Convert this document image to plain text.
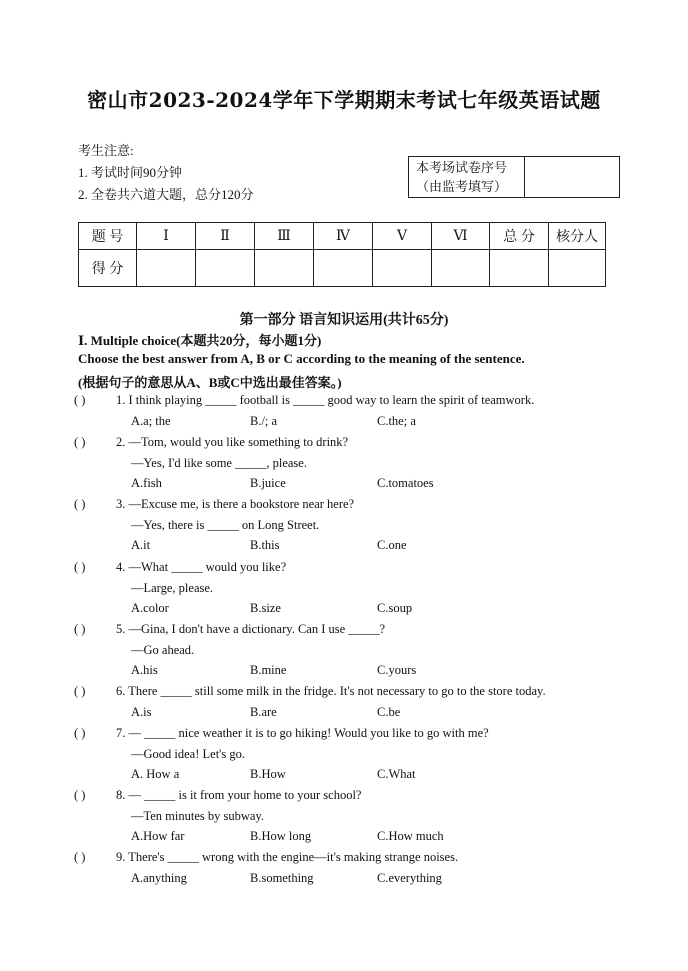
密山市2023-2024学年下学期期末考试七年级英语试题
考生注意:
1. 考试时间90分钟
2. 全卷共六道大题，总分120分
本考场试卷序号
（由监考填写）

题 号	Ⅰ	Ⅱ	Ⅲ	Ⅳ	Ⅴ	Ⅵ	总 分	核分人
得 分								
第一部分 语言知识运用(共计65分)
Ⅰ. Multiple choice(本题共20分，每小题1分)
Choose the best answer from A, B or C according to the meaning of the sentence.
(根据句子的意思从A、B或C中选出最佳答案。)
( ) 1. I think playing _____ football is _____ good way to learn the spirit of teamwork.
A.a; the	B./; a	C.the; a
( ) 2. —Tom, would you like something to drink?
—Yes, I'd like some _____, please.
A.fish	B.juice	C.tomatoes
( ) 3. —Excuse me, is there a bookstore near here?
—Yes, there is _____ on Long Street.
A.it	B.this	C.one
( ) 4. —What _____ would you like?
—Large, please.
A.color	B.size	C.soup
( ) 5. —Gina, I don't have a dictionary. Can I use _____?
—Go ahead.
A.his	B.mine	C.yours
( ) 6. There _____ still some milk in the fridge. It's not necessary to go to the store today.
A.is	B.are	C.be
( ) 7. — _____ nice weather it is to go hiking! Would you like to go with me?
—Good idea! Let's go.
A. How a	B.How	C.What
( ) 8. — _____ is it from your home to your school?
—Ten minutes by subway.
A.How far	B.How long	C.How much
( ) 9. There's _____ wrong with the engine—it's making strange noises.
A.anything	B.something	C.everything
